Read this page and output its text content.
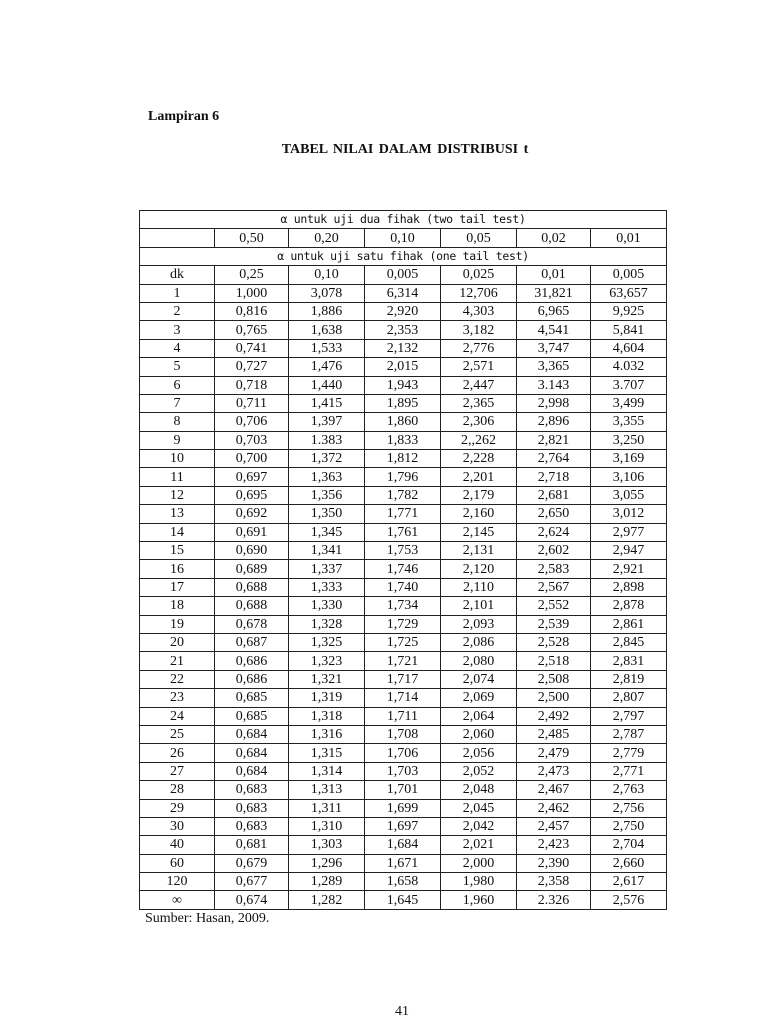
Lampiran 6
TABEL NILAI DALAM DISTRIBUSI t
α untuk uji dua fihak (two tail test)						
	0,50	0,20	0,10	0,05	0,02	0,01
α untuk uji satu fihak (one tail test)						
dk	0,25	0,10	0,005	0,025	0,01	0,005
1	1,000	3,078	6,314	12,706	31,821	63,657
2	0,816	1,886	2,920	4,303	6,965	9,925
3	0,765	1,638	2,353	3,182	4,541	5,841
4	0,741	1,533	2,132	2,776	3,747	4,604
5	0,727	1,476	2,015	2,571	3,365	4.032
6	0,718	1,440	1,943	2,447	3.143	3.707
7	0,711	1,415	1,895	2,365	2,998	3,499
8	0,706	1,397	1,860	2,306	2,896	3,355
9	0,703	1.383	1,833	2,,262	2,821	3,250
10	0,700	1,372	1,812	2,228	2,764	3,169
11	0,697	1,363	1,796	2,201	2,718	3,106
12	0,695	1,356	1,782	2,179	2,681	3,055
13	0,692	1,350	1,771	2,160	2,650	3,012
14	0,691	1,345	1,761	2,145	2,624	2,977
15	0,690	1,341	1,753	2,131	2,602	2,947
16	0,689	1,337	1,746	2,120	2,583	2,921
17	0,688	1,333	1,740	2,110	2,567	2,898
18	0,688	1,330	1,734	2,101	2,552	2,878
19	0,678	1,328	1,729	2,093	2,539	2,861
20	0,687	1,325	1,725	2,086	2,528	2,845
21	0,686	1,323	1,721	2,080	2,518	2,831
22	0,686	1,321	1,717	2,074	2,508	2,819
23	0,685	1,319	1,714	2,069	2,500	2,807
24	0,685	1,318	1,711	2,064	2,492	2,797
25	0,684	1,316	1,708	2,060	2,485	2,787
26	0,684	1,315	1,706	2,056	2,479	2,779
27	0,684	1,314	1,703	2,052	2,473	2,771
28	0,683	1,313	1,701	2,048	2,467	2,763
29	0,683	1,311	1,699	2,045	2,462	2,756
30	0,683	1,310	1,697	2,042	2,457	2,750
40	0,681	1,303	1,684	2,021	2,423	2,704
60	0,679	1,296	1,671	2,000	2,390	2,660
120	0,677	1,289	1,658	1,980	2,358	2,617
∞	0,674	1,282	1,645	1,960	2.326	2,576
Sumber: Hasan, 2009.
41
